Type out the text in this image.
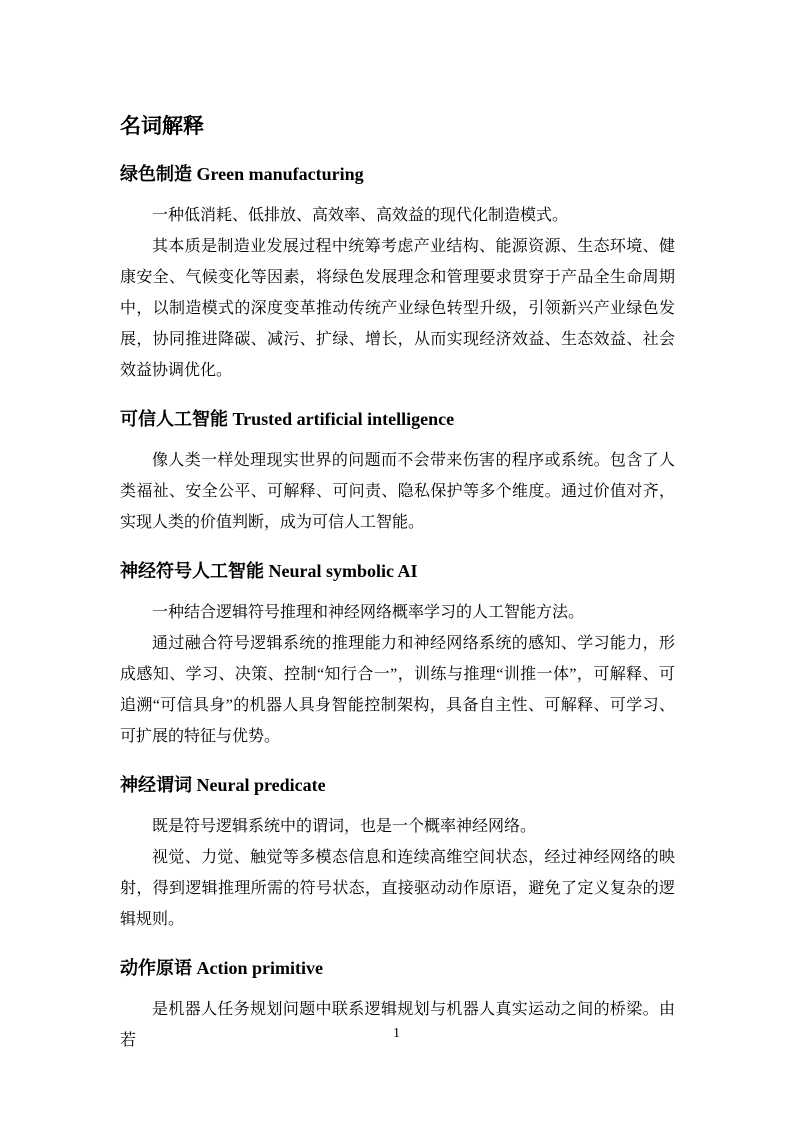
名词解释
绿色制造 Green manufacturing

一种低消耗、低排放、高效率、高效益的现代化制造模式。

其本质是制造业发展过程中统筹考虑产业结构、能源资源、生态环境、健康安全、气候变化等因素，将绿色发展理念和管理要求贯穿于产品全生命周期中，以制造模式的深度变革推动传统产业绿色转型升级，引领新兴产业绿色发展，协同推进降碳、减污、扩绿、增长，从而实现经济效益、生态效益、社会效益协调优化。

可信人工智能 Trusted artificial intelligence

像人类一样处理现实世界的问题而不会带来伤害的程序或系统。包含了人类福祉、安全公平、可解释、可问责、隐私保护等多个维度。通过价值对齐，实现人类的价值判断，成为可信人工智能。

神经符号人工智能 Neural symbolic AI

一种结合逻辑符号推理和神经网络概率学习的人工智能方法。

通过融合符号逻辑系统的推理能力和神经网络系统的感知、学习能力，形成感知、学习、决策、控制“知行合一”，训练与推理“训推一体”，可解释、可追溯“可信具身”的机器人具身智能控制架构，具备自主性、可解释、可学习、可扩展的特征与优势。

神经谓词 Neural predicate

既是符号逻辑系统中的谓词，也是一个概率神经网络。

视觉、力觉、触觉等多模态信息和连续高维空间状态，经过神经网络的映射，得到逻辑推理所需的符号状态，直接驱动动作原语，避免了定义复杂的逻辑规则。

动作原语 Action primitive

是机器人任务规划问题中联系逻辑规划与机器人真实运动之间的桥梁。由若	1
